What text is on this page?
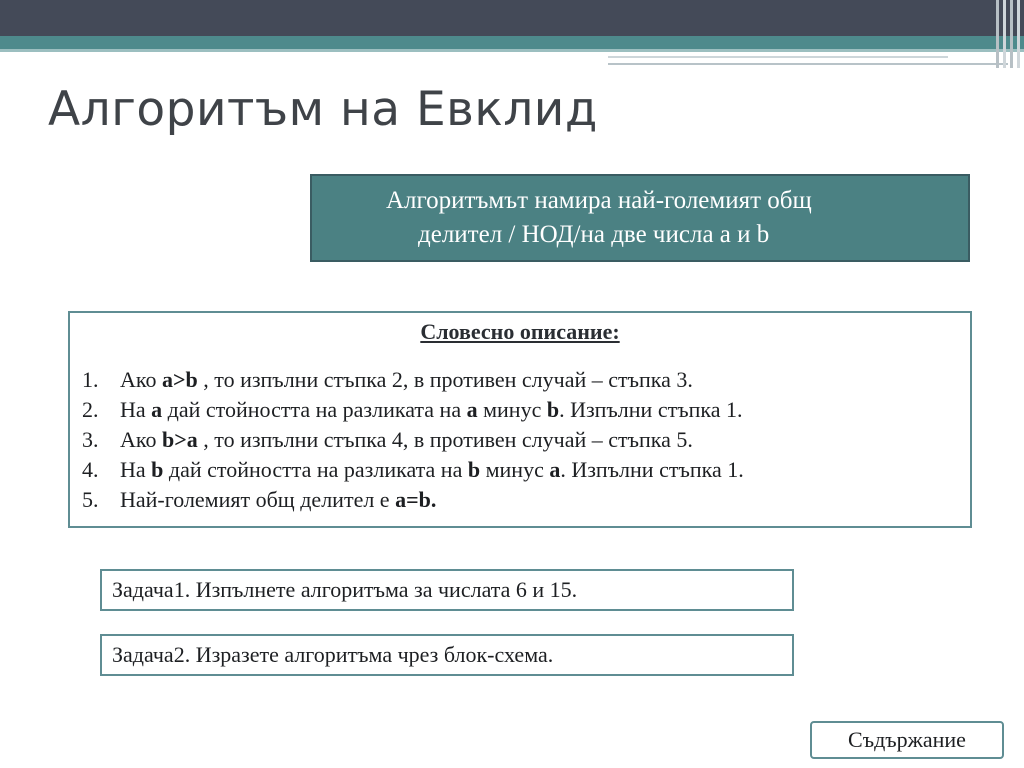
Алгоритъм на Евклид
Алгоритъмът намира най-големият общ
делител / НОД/на две числа a и b
Словесно описание:
1. Ако a>b , то изпълни стъпка 2, в противен случай – стъпка 3.
2. На a дай стойността на разликата на a минус b. Изпълни стъпка 1.
3. Ако b>a , то изпълни стъпка 4, в противен случай – стъпка 5.
4. На b дай стойността на разликата на b минус a. Изпълни стъпка 1.
5. Най-големият общ делител е a=b.
Задача1. Изпълнете алгоритъма за числата 6 и 15.
Задача2. Изразете алгоритъма чрез блок-схема.
Съдържание
